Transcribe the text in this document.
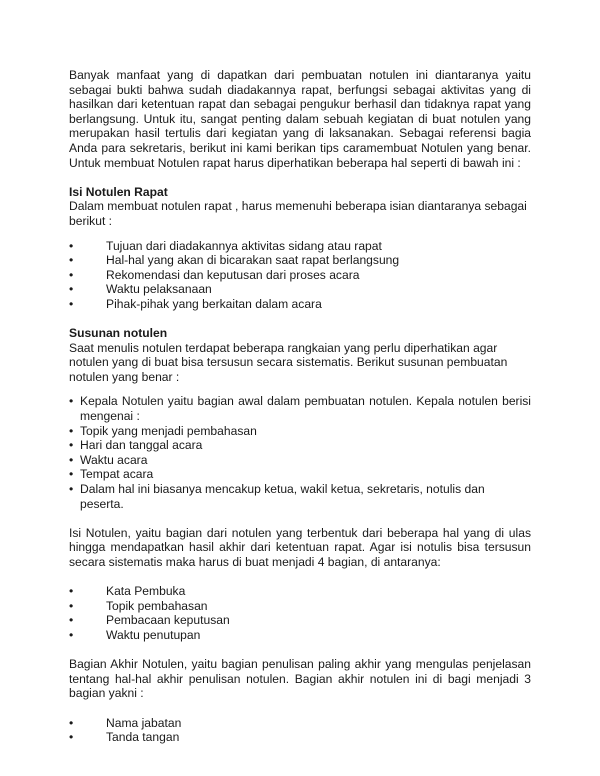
Banyak manfaat yang di dapatkan dari pembuatan notulen ini diantaranya yaitu sebagai bukti bahwa sudah diadakannya rapat, berfungsi sebagai aktivitas yang di hasilkan dari ketentuan rapat dan sebagai pengukur berhasil dan tidaknya rapat yang berlangsung. Untuk itu, sangat penting dalam sebuah kegiatan di buat notulen yang merupakan hasil tertulis dari kegiatan yang di laksanakan. Sebagai referensi bagia Anda para sekretaris, berikut ini kami berikan tips caramembuat Notulen yang benar. Untuk membuat Notulen rapat harus diperhatikan beberapa hal seperti di bawah ini :

Isi Notulen Rapat

Dalam membuat notulen rapat , harus memenuhi beberapa isian diantaranya sebagai berikut :

• Tujuan dari diadakannya aktivitas sidang atau rapat
• Hal-hal yang akan di bicarakan saat rapat berlangsung
• Rekomendasi dan keputusan dari proses acara
• Waktu pelaksanaan
• Pihak-pihak yang berkaitan dalam acara

Susunan notulen

Saat menulis notulen terdapat beberapa rangkaian yang perlu diperhatikan agar notulen yang di buat bisa tersusun secara sistematis. Berikut susunan pembuatan notulen yang benar :

• Kepala Notulen yaitu bagian awal dalam pembuatan notulen. Kepala notulen berisi mengenai :
• Topik yang menjadi pembahasan
• Hari dan tanggal acara
• Waktu acara
• Tempat acara
• Dalam hal ini biasanya mencakup ketua, wakil ketua, sekretaris, notulis dan peserta.

Isi Notulen, yaitu bagian dari notulen yang terbentuk dari beberapa hal yang di ulas hingga mendapatkan hasil akhir dari ketentuan rapat. Agar isi notulis bisa tersusun secara sistematis maka harus di buat menjadi 4 bagian, di antaranya:

• Kata Pembuka
• Topik pembahasan
• Pembacaan keputusan
• Waktu penutupan

Bagian Akhir Notulen, yaitu bagian penulisan paling akhir yang mengulas penjelasan tentang hal-hal akhir penulisan notulen. Bagian akhir notulen ini di bagi menjadi 3 bagian yakni :

• Nama jabatan
• Tanda tangan
